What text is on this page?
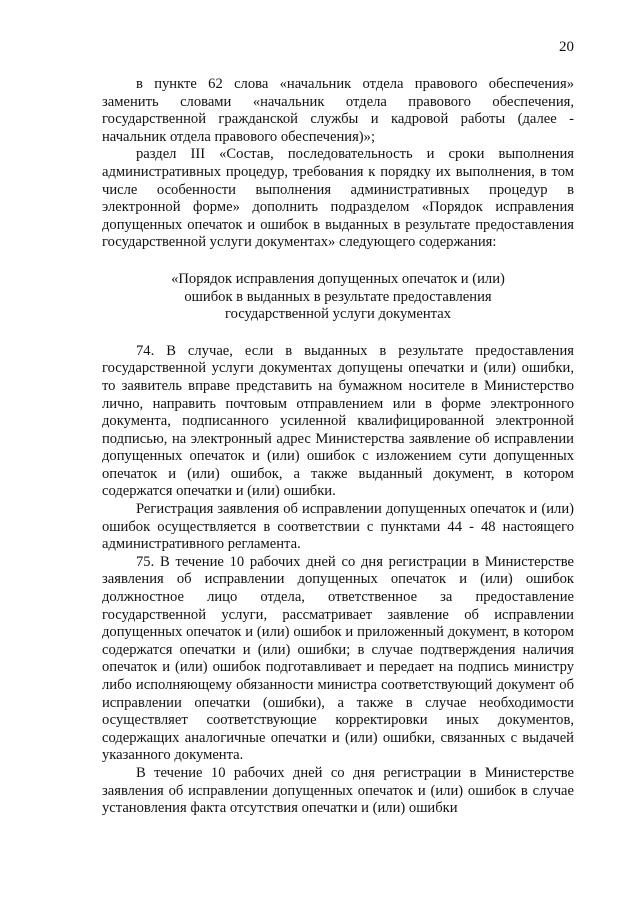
20

в пункте 62 слова «начальник отдела правового обеспечения» заменить словами «начальник отдела правового обеспечения, государственной гражданской службы и кадровой работы (далее - начальник отдела правового обеспечения)»;

раздел III «Состав, последовательность и сроки выполнения административных процедур, требования к порядку их выполнения, в том числе особенности выполнения административных процедур в электронной форме» дополнить подразделом «Порядок исправления допущенных опечаток и ошибок в выданных в результате предоставления государственной услуги документах» следующего содержания:

«Порядок исправления допущенных опечаток и (или)
ошибок в выданных в результате предоставления
государственной услуги документах

74. В случае, если в выданных в результате предоставления государственной услуги документах допущены опечатки и (или) ошибки, то заявитель вправе представить на бумажном носителе в Министерство лично, направить почтовым отправлением или в форме электронного документа, подписанного усиленной квалифицированной электронной подписью, на электронный адрес Министерства заявление об исправлении допущенных опечаток и (или) ошибок с изложением сути допущенных опечаток и (или) ошибок, а также выданный документ, в котором содержатся опечатки и (или) ошибки.

Регистрация заявления об исправлении допущенных опечаток и (или) ошибок осуществляется в соответствии с пунктами 44 - 48 настоящего административного регламента.

75. В течение 10 рабочих дней со дня регистрации в Министерстве заявления об исправлении допущенных опечаток и (или) ошибок должностное лицо отдела, ответственное за предоставление государственной услуги, рассматривает заявление об исправлении допущенных опечаток и (или) ошибок и приложенный документ, в котором содержатся опечатки и (или) ошибки; в случае подтверждения наличия опечаток и (или) ошибок подготавливает и передает на подпись министру либо исполняющему обязанности министра соответствующий документ об исправлении опечатки (ошибки), а также в случае необходимости осуществляет соответствующие корректировки иных документов, содержащих аналогичные опечатки и (или) ошибки, связанных с выдачей указанного документа.

В течение 10 рабочих дней со дня регистрации в Министерстве заявления об исправлении допущенных опечаток и (или) ошибок в случае установления факта отсутствия опечатки и (или) ошибки
